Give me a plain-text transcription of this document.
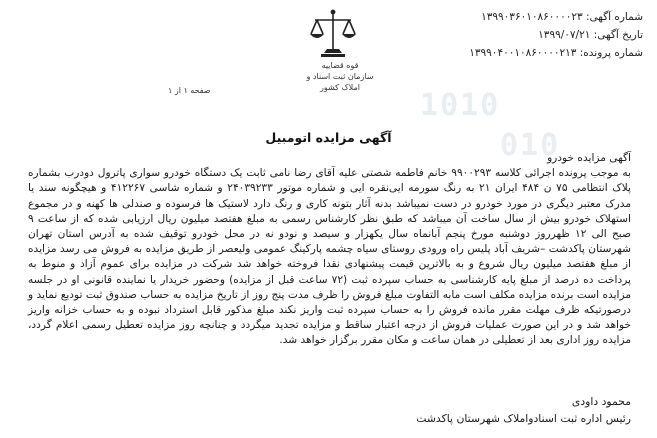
1010
010
شماره آگهی: ۱۳۹۹۰۳۶۰۱۰۸۶۰۰۰۰۲۳
تاریخ آگهی: ۱۳۹۹/۰۷/۲۱
شماره پرونده: ۱۳۹۹۰۴۰۰۱۰۸۶۰۰۰۰۲۱۳
قوه قضاییه
سازمان ثبت اسناد و املاک کشور
صفحه ۱ از ۱
آگهی مزایده اتومبیل

آگهی مزایده خودرو

به موجب پرونده اجرائی کلاسه ۹۹۰۰۲۹۳ خانم فاطمه شصتی علیه آقای رضا نامی ثابت یک دستگاه خودرو سواری پاترول دودرب بشماره پلاک انتظامی ۷۵ ن ۴۸۴ ایران ۲۱ به رنگ سورمه ایی‌نقره ایی و شماره موتور ۲۴۰۳۹۲۳۳ و شماره شاسی ۴۱۲۲۶۷ و هیچگونه سند یا مدرک معتبر دیگری در مورد خودرو در دست نمیباشد بدنه آثار بتونه کاری و رنگ دارد لاستیک ها فرسوده و صندلی ها کهنه و در مجموع استهلاک خودرو بیش از سال ساخت آن میباشد که طبق نظر کارشناس رسمی به مبلغ هفتصد میلیون ریال ارزیابی شده که از ساعت ۹ صبح الی ۱۲ ظهرروز دوشنبه مورخ پنجم آبانماه سال یکهزار و سیصد و نودو نه در محل خودرو توقیف شده به آدرس استان تهران شهرستان پاکدشت –شریف آباد پلیس راه ورودی روستای سیاه چشمه پارکینگ عمومی ولیعصر از طریق مزایده به فروش می رسد مزایده از مبلغ هفتصد میلیون ریال شروع و به بالاترین قیمت پیشنهادی نقدا فروخته خواهد شد شرکت در مزایده برای عموم آزاد و منوط به پرداخت ده درصد از مبلغ پایه کارشناسی به حساب سپرده ثبت (۷۲ ساعت قبل از مزایده) وحضور خریدار یا نماینده قانونی او در جلسه مزایده است برنده مزایده مکلف است مابه التفاوت مبلغ فروش را ظرف مدت پنج روز از تاریخ مزایده به حساب صندوق ثبت تودیع نماید و درصورتیکه ظرف مهلت مقرر مانده فروش را به حساب سپرده ثبت واریز نکند مبلغ مذکور قابل استرداد نبوده و به حساب خزانه واریز خواهد شد و در این صورت عملیات فروش از درجه اعتبار ساقط و مزایده تجدید میگردد و چنانچه روز مزایده تعطیل رسمی اعلام گردد، مزایده روز اداری بعد از تعطیلی در همان ساعت و مکان مقرر برگزار خواهد شد.

محمود داودی
رئیس اداره ثبت اسنادواملاک شهرستان پاکدشت
